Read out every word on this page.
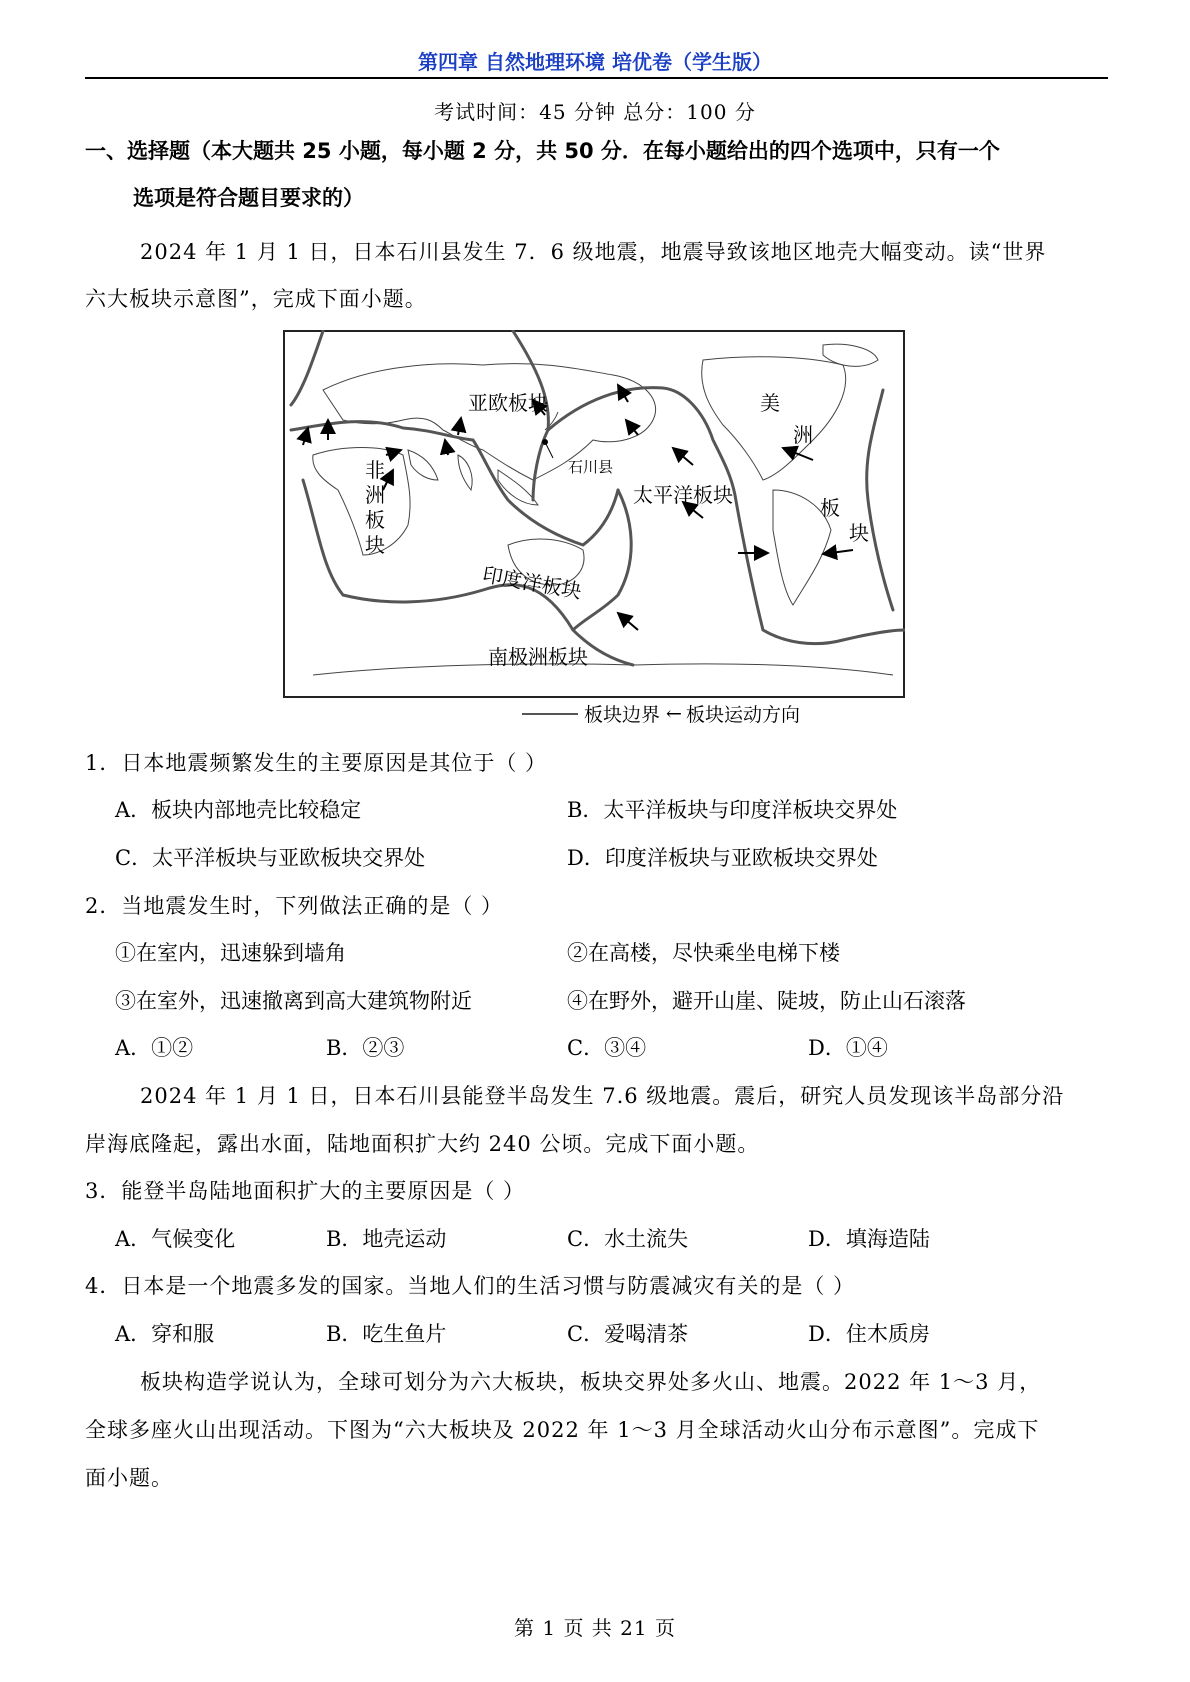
第四章 自然地理环境 培优卷（学生版）
考试时间：45 分钟 总分：100 分
一、选择题（本大题共 25 小题，每小题 2 分，共 50 分．在每小题给出的四个选项中，只有一个
选项是符合题目要求的）
2024 年 1 月 1 日，日本石川县发生 7．6 级地震，地震导致该地区地壳大幅变动。读“世界
六大板块示意图”，完成下面小题。
亚欧板块
石川县
太平洋板块
非
洲
板
块
美
洲
板
块
印度洋板块
南极洲板块
板块边界 ← 板块运动方向
1．日本地震频繁发生的主要原因是其位于（ ）
A．板块内部地壳比较稳定	B．太平洋板块与印度洋板块交界处
C．太平洋板块与亚欧板块交界处	D．印度洋板块与亚欧板块交界处
2．当地震发生时，下列做法正确的是（ ）
①在室内，迅速躲到墙角	②在高楼，尽快乘坐电梯下楼
③在室外，迅速撤离到高大建筑物附近	④在野外，避开山崖、陡坡，防止山石滚落
A．①②	B．②③	C．③④	D．①④
2024 年 1 月 1 日，日本石川县能登半岛发生 7.6 级地震。震后，研究人员发现该半岛部分沿
岸海底隆起，露出水面，陆地面积扩大约 240 公顷。完成下面小题。
3．能登半岛陆地面积扩大的主要原因是（ ）
A．气候变化	B．地壳运动	C．水土流失	D．填海造陆
4．日本是一个地震多发的国家。当地人们的生活习惯与防震减灾有关的是（ ）
A．穿和服	B．吃生鱼片	C．爱喝清茶	D．住木质房
板块构造学说认为，全球可划分为六大板块，板块交界处多火山、地震。2022 年 1～3 月，
全球多座火山出现活动。下图为“六大板块及 2022 年 1～3 月全球活动火山分布示意图”。完成下
面小题。
第 1 页 共 21 页
